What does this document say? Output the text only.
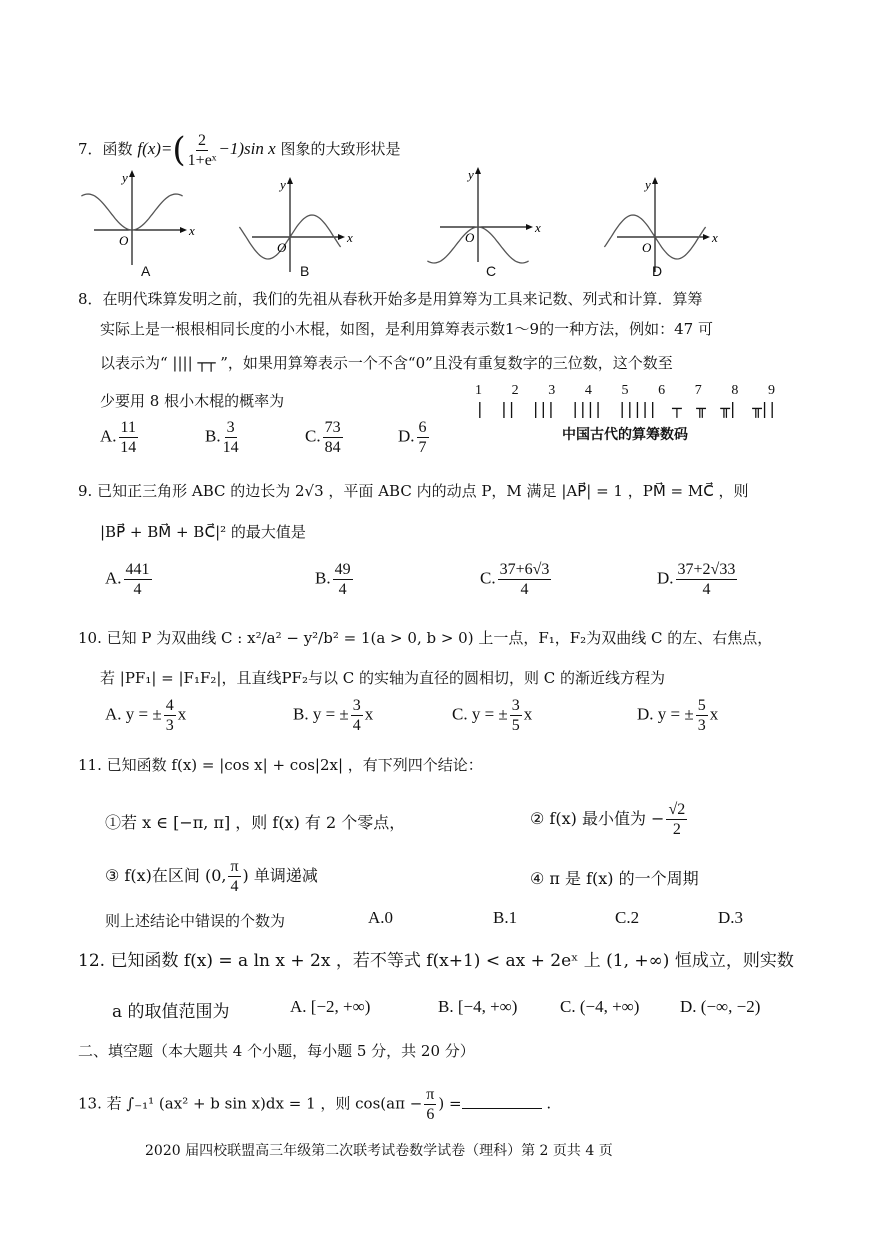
7．函数 $f(x)=( \frac{2}{\text{1+eˣ}} -1)\sin$ x 图象的大致形状是
x
y
O	x
y
O
x
y
O	x
y
O
A	B	C	D
8．在明代珠算发明之前，我们的先祖从春秋开始多是用算筹为工具来记数、列式和计算．算筹
实际上是一根根相同长度的小木棍，如图，是利用算筹表示数1～9的一种方法，例如：47 可
以表示为“ |||| ┬┬ ”，如果用算筹表示一个不含“0”且没有重复数字的三位数，这个数至
少要用 8 根小木棍的概率为
A. $\frac{11}{14}$	B. $\frac{3}{14}$	C. $\frac{73}{84}$	D. $\frac{6}{7}$
1 2 3 4 5 6 7 8 9
| || ||| |||| ||||| ┬ ╥ ╥| ╥||
中国古代的算筹数码
9. 已知正三角形 ABC 的边长为 2√3 ，平面 ABC 内的动点 P，M 满足 |AP⃗| = 1 ，PM⃗ = MC⃗ ，则
|BP⃗ + BM⃗ + BC⃗|² 的最大值是
A. $\frac{441}{4}$	B. $\frac{49}{4}$	C. $\frac{37+6√3}{4}$	D. $\frac{37+2√33}{4}$
10. 已知 P 为双曲线 C : x²/a² − y²/b² = 1(a > 0, b > 0) 上一点，F₁，F₂为双曲线 C 的左、右焦点，
若 |PF₁| = |F₁F₂|，且直线PF₂与以 C 的实轴为直径的圆相切，则 C 的渐近线方程为
A. y = ± $\frac{4}{3}$ x	B. y = ± $\frac{3}{4}$ x	C. y = ± $\frac{3}{5}$ x	D. y = ± $\frac{5}{3}$ x
11. 已知函数 f(x) = |cos x| + cos|2x| ，有下列四个结论：
①若 x ∈ [−π, π] ，则 f(x) 有 2 个零点，	② f(x) 最小值为 − $\frac{√2}{2}$
③ f(x)在区间 (0, $\frac{\pi}{4}$ ) 单调递减	④ π 是 f(x) 的一个周期
则上述结论中错误的个数为	A.0	B.1	C.2	D.3
12. 已知函数 f(x) = a ln x + 2x ，若不等式 f(x+1) < ax + 2eˣ 上 (1, +∞) 恒成立，则实数
a 的取值范围为	A. [−2, +∞)	B. [−4, +∞)	C. (−4, +∞) D. (−∞, −2)
二、填空题（本大题共 4 个小题，每小题 5 分，共 20 分）
13. 若 ∫₋₁¹ (ax² + b sin x)dx = 1 ，则 $\cos(a\pi - \frac{\pi}{6}$ ) =	.
2020 届四校联盟高三年级第二次联考试卷数学试卷（理科）第 2 页共 4 页
